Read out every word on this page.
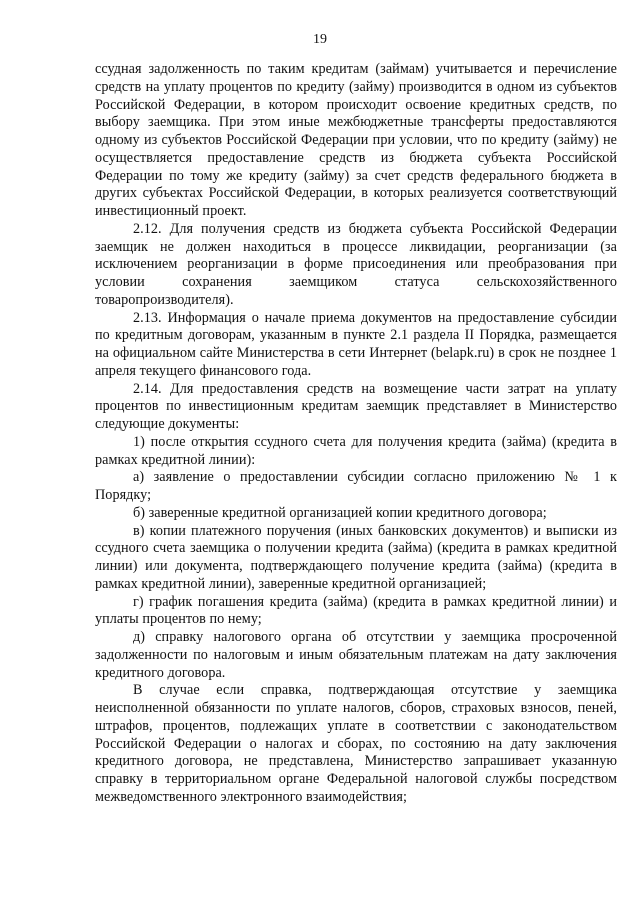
19

ссудная задолженность по таким кредитам (займам) учитывается и перечисление средств на уплату процентов по кредиту (займу) производится в одном из субъектов Российской Федерации, в котором происходит освоение кредитных средств, по выбору заемщика. При этом иные межбюджетные трансферты предоставляются одному из субъектов Российской Федерации при условии, что по кредиту (займу) не осуществляется предоставление средств из бюджета субъекта Российской Федерации по тому же кредиту (займу) за счет средств федерального бюджета в других субъектах Российской Федерации, в которых реализуется соответствующий инвестиционный проект.

2.12. Для получения средств из бюджета субъекта Российской Федерации заемщик не должен находиться в процессе ликвидации, реорганизации (за исключением реорганизации в форме присоединения или преобразования при условии сохранения заемщиком статуса сельскохозяйственного товаропроизводителя).

2.13. Информация о начале приема документов на предоставление субсидии по кредитным договорам, указанным в пункте 2.1 раздела II Порядка, размещается на официальном сайте Министерства в сети Интернет (belapk.ru) в срок не позднее 1 апреля текущего финансового года.

2.14. Для предоставления средств на возмещение части затрат на уплату процентов по инвестиционным кредитам заемщик представляет в Министерство следующие документы:

1) после открытия ссудного счета для получения кредита (займа) (кредита в рамках кредитной линии):

а) заявление о предоставлении субсидии согласно приложению № 1 к Порядку;

б) заверенные кредитной организацией копии кредитного договора;

в) копии платежного поручения (иных банковских документов) и выписки из ссудного счета заемщика о получении кредита (займа) (кредита в рамках кредитной линии) или документа, подтверждающего получение кредита (займа) (кредита в рамках кредитной линии), заверенные кредитной организацией;

г) график погашения кредита (займа) (кредита в рамках кредитной линии) и уплаты процентов по нему;

д) справку налогового органа об отсутствии у заемщика просроченной задолженности по налоговым и иным обязательным платежам на дату заключения кредитного договора.

В случае если справка, подтверждающая отсутствие у заемщика неисполненной обязанности по уплате налогов, сборов, страховых взносов, пеней, штрафов, процентов, подлежащих уплате в соответствии с законодательством Российской Федерации о налогах и сборах, по состоянию на дату заключения кредитного договора, не представлена, Министерство запрашивает указанную справку в территориальном органе Федеральной налоговой службы посредством межведомственного электронного взаимодействия;
